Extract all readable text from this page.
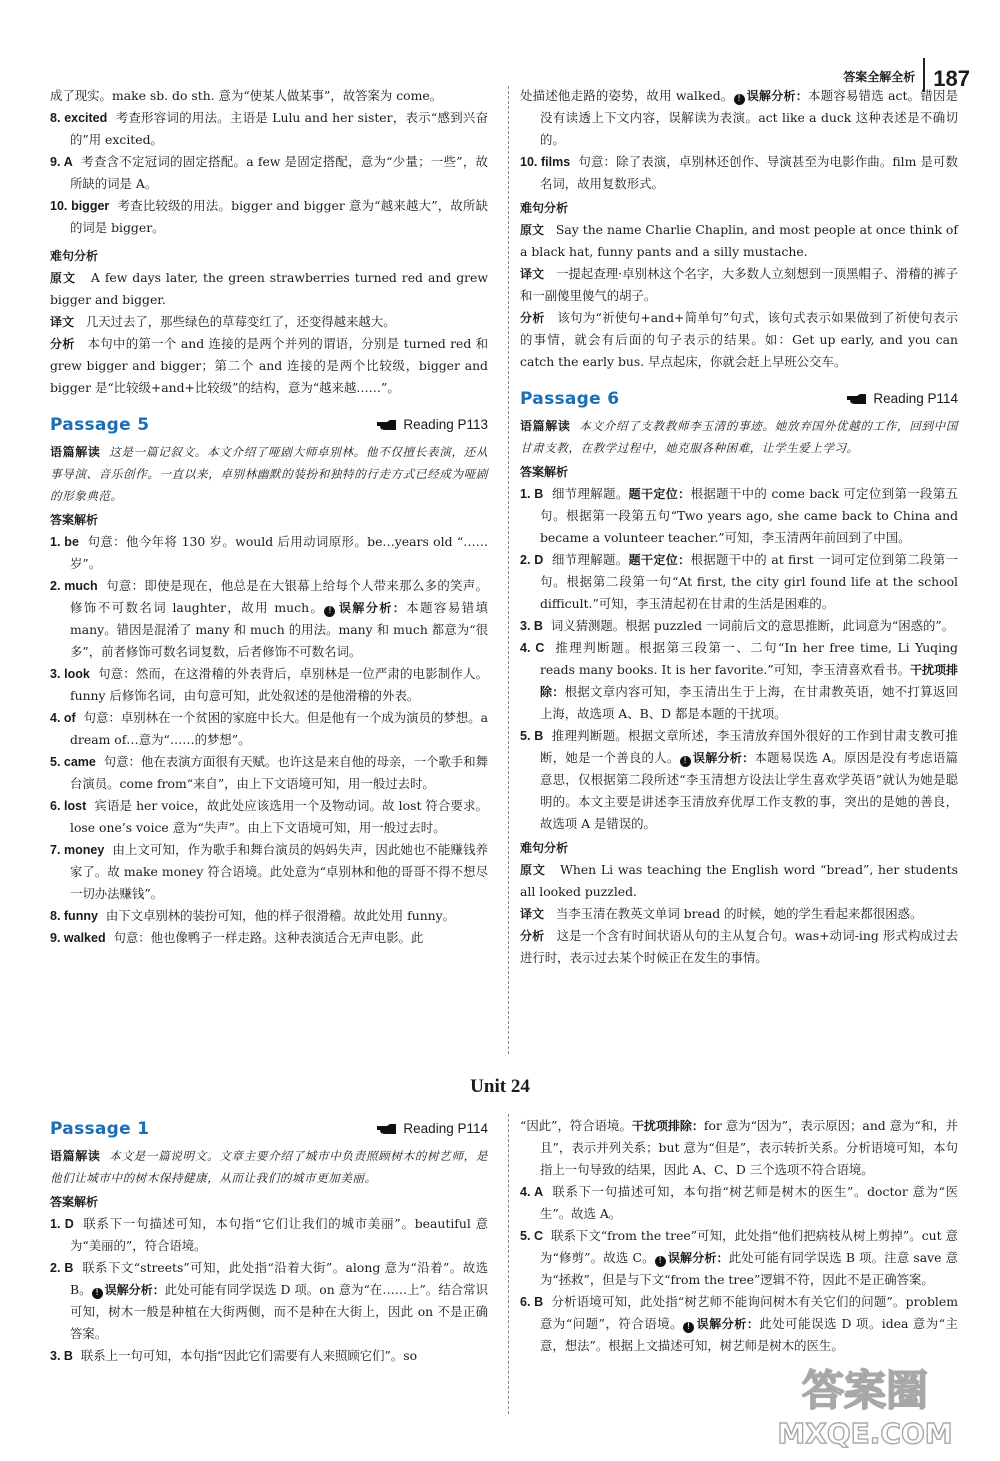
答案全解全析 187

成了现实。make sb. do sth. 意为“使某人做某事”，故答案为 come。

8. excited 考查形容词的用法。主语是 Lulu and her sister，表示“感到兴奋的”用 excited。

9. A 考查含不定冠词的固定搭配。a few 是固定搭配，意为“少量；一些”，故所缺的词是 A。

10. bigger 考查比较级的用法。bigger and bigger 意为“越来越大”，故所缺的词是 bigger。

难句分析

原文 A few days later, the green strawberries turned red and grew bigger and bigger.

译文 几天过去了，那些绿色的草莓变红了，还变得越来越大。

分析 本句中的第一个 and 连接的是两个并列的谓语，分别是 turned red 和 grew bigger and bigger；第二个 and 连接的是两个比较级，bigger and bigger 是“比较级+and+比较级”的结构，意为“越来越……”。

Passage 5	Reading P113

语篇解读 这是一篇记叙文。本文介绍了哑剧大师卓别林。他不仅擅长表演，还从事导演、音乐创作。一直以来，卓别林幽默的装扮和独特的行走方式已经成为哑剧的形象典范。

答案解析

1. be 句意：他今年将 130 岁。would 后用动词原形。be…years old “……岁”。

2. much 句意：即使是现在，他总是在大银幕上给每个人带来那么多的笑声。修饰不可数名词 laughter，故用 much。 ! 误解分析：本题容易错填 many。错因是混淆了 many 和 much 的用法。many 和 much 都意为“很多”，前者修饰可数名词复数，后者修饰不可数名词。

3. look 句意：然而，在这滑稽的外表背后，卓别林是一位严肃的电影制作人。funny 后修饰名词，由句意可知，此处叙述的是他滑稽的外表。

4. of 句意：卓别林在一个贫困的家庭中长大。但是他有一个成为演员的梦想。a dream of…意为“……的梦想”。

5. came 句意：他在表演方面很有天赋。也许这是来自他的母亲，一个歌手和舞台演员。come from“来自”，由上下文语境可知，用一般过去时。

6. lost 宾语是 her voice，故此处应该选用一个及物动词。故 lost 符合要求。lose one’s voice 意为“失声”。由上下文语境可知，用一般过去时。

7. money 由上文可知，作为歌手和舞台演员的妈妈失声，因此她也不能赚钱养家了。故 make money 符合语境。此处意为“卓别林和他的哥哥不得不想尽一切办法赚钱”。

8. funny 由下文卓别林的装扮可知，他的样子很滑稽。故此处用 funny。

9. walked 句意：他也像鸭子一样走路。这种表演适合无声电影。此

处描述他走路的姿势，故用 walked。 ! 误解分析：本题容易错选 act。错因是没有读透上下文内容，误解读为表演。act like a duck 这种表述是不确切的。

10. films 句意：除了表演，卓别林还创作、导演甚至为电影作曲。film 是可数名词，故用复数形式。

难句分析

原文 Say the name Charlie Chaplin, and most people at once think of a black hat, funny pants and a silly mustache.

译文 一提起查理·卓别林这个名字，大多数人立刻想到一顶黑帽子、滑稽的裤子和一副傻里傻气的胡子。

分析 该句为“祈使句+and+简单句”句式，该句式表示如果做到了祈使句表示的事情，就会有后面的句子表示的结果。如：Get up early, and you can catch the early bus. 早点起床，你就会赶上早班公交车。

Passage 6	Reading P114

语篇解读 本文介绍了支教教师李玉清的事迹。她放弃国外优越的工作，回到中国甘肃支教，在教学过程中，她克服各种困难，让学生爱上学习。

答案解析

1. B 细节理解题。题干定位：根据题干中的 come back 可定位到第一段第五句。根据第一段第五句“Two years ago, she came back to China and became a volunteer teacher.”可知，李玉清两年前回到了中国。

2. D 细节理解题。题干定位：根据题干中的 at first 一词可定位到第二段第一句。根据第二段第一句“At first, the city girl found life at the school difficult.”可知，李玉清起初在甘肃的生活是困难的。

3. B 词义猜测题。根据 puzzled 一词前后文的意思推断，此词意为“困惑的”。

4. C 推理判断题。根据第三段第一、二句“In her free time, Li Yuqing reads many books. It is her favorite.”可知，李玉清喜欢看书。干扰项排除：根据文章内容可知，李玉清出生于上海，在甘肃教英语，她不打算返回上海，故选项 A、B、D 都是本题的干扰项。

5. B 推理判断题。根据文章所述，李玉清放弃国外很好的工作到甘肃支教可推断，她是一个善良的人。 ! 误解分析：本题易误选 A。原因是没有考虑语篇意思，仅根据第二段所述“李玉清想方设法让学生喜欢学英语”就认为她是聪明的。本文主要是讲述李玉清放弃优厚工作支教的事，突出的是她的善良，故选项 A 是错误的。

难句分析

原文 When Li was teaching the English word “bread”, her students all looked puzzled.

译文 当李玉清在教英文单词 bread 的时候，她的学生看起来都很困惑。

分析 这是一个含有时间状语从句的主从复合句。was+动词-ing 形式构成过去进行时，表示过去某个时候正在发生的事情。

Unit 24
Passage 1	Reading P114

语篇解读 本文是一篇说明文。文章主要介绍了城市中负责照顾树木的树艺师，是他们让城市中的树木保持健康，从而让我们的城市更加美丽。

答案解析

1. D 联系下一句描述可知，本句指“它们让我们的城市美丽”。beautiful 意为“美丽的”，符合语境。

2. B 联系下文“streets”可知，此处指“沿着大街”。along 意为“沿着”。故选 B。 ! 误解分析：此处可能有同学误选 D 项。on 意为“在……上”。结合常识可知，树木一般是种植在大街两侧，而不是种在大街上，因此 on 不是正确答案。

3. B 联系上一句可知，本句指“因此它们需要有人来照顾它们”。so

“因此”，符合语境。干扰项排除：for 意为“因为”，表示原因；and 意为“和，并且”，表示并列关系；but 意为“但是”，表示转折关系。分析语境可知，本句指上一句导致的结果，因此 A、C、D 三个选项不符合语境。

4. A 联系下一句描述可知，本句指“树艺师是树木的医生”。doctor 意为“医生”。故选 A。

5. C 联系下文“from the tree”可知，此处指“他们把病枝从树上剪掉”。cut 意为“修剪”。故选 C。 ! 误解分析：此处可能有同学误选 B 项。注意 save 意为“拯救”，但是与下文“from the tree”逻辑不符，因此不是正确答案。

6. B 分析语境可知，此处指“树艺师不能询问树木有关它们的问题”。problem 意为“问题”，符合语境。 ! 误解分析：此处可能误选 D 项。idea 意为“主意，想法”。根据上文描述可知，树艺师是树木的医生。

答案圈
MXQE.COM
